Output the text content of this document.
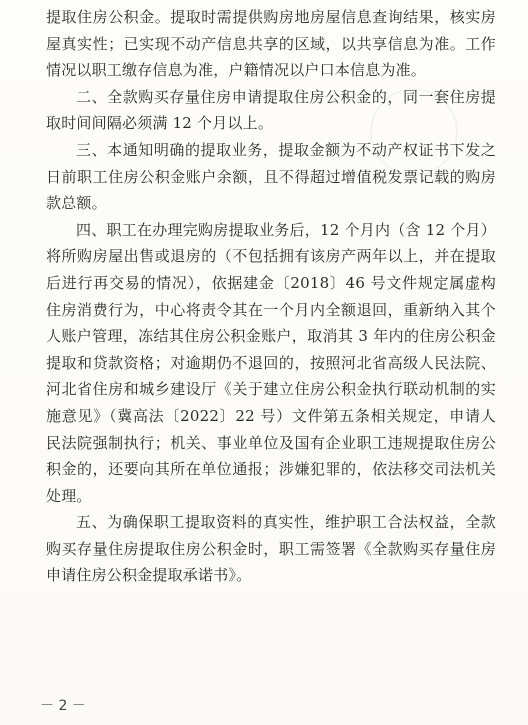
提取住房公积金。提取时需提供购房地房屋信息查询结果，核实房屋真实性；已实现不动产信息共享的区域，以共享信息为准。工作情况以职工缴存信息为准，户籍情况以户口本信息为准。

二、全款购买存量住房申请提取住房公积金的，同一套住房提取时间间隔必须满 12 个月以上。

三、本通知明确的提取业务，提取金额为不动产权证书下发之日前职工住房公积金账户余额，且不得超过增值税发票记载的购房款总额。

四、职工在办理完购房提取业务后，12 个月内（含 12 个月）将所购房屋出售或退房的（不包括拥有该房产两年以上，并在提取后进行再交易的情况），依据建金〔2018〕46 号文件规定属虚构住房消费行为，中心将责令其在一个月内全额退回，重新纳入其个人账户管理，冻结其住房公积金账户，取消其 3 年内的住房公积金提取和贷款资格；对逾期仍不退回的，按照河北省高级人民法院、河北省住房和城乡建设厅《关于建立住房公积金执行联动机制的实施意见》（冀高法〔2022〕22 号）文件第五条相关规定，申请人民法院强制执行；机关、事业单位及国有企业职工违规提取住房公积金的，还要向其所在单位通报；涉嫌犯罪的，依法移交司法机关处理。

五、为确保职工提取资料的真实性，维护职工合法权益，全款购买存量住房提取住房公积金时，职工需签署《全款购买存量住房申请住房公积金提取承诺书》。

－ 2 －
